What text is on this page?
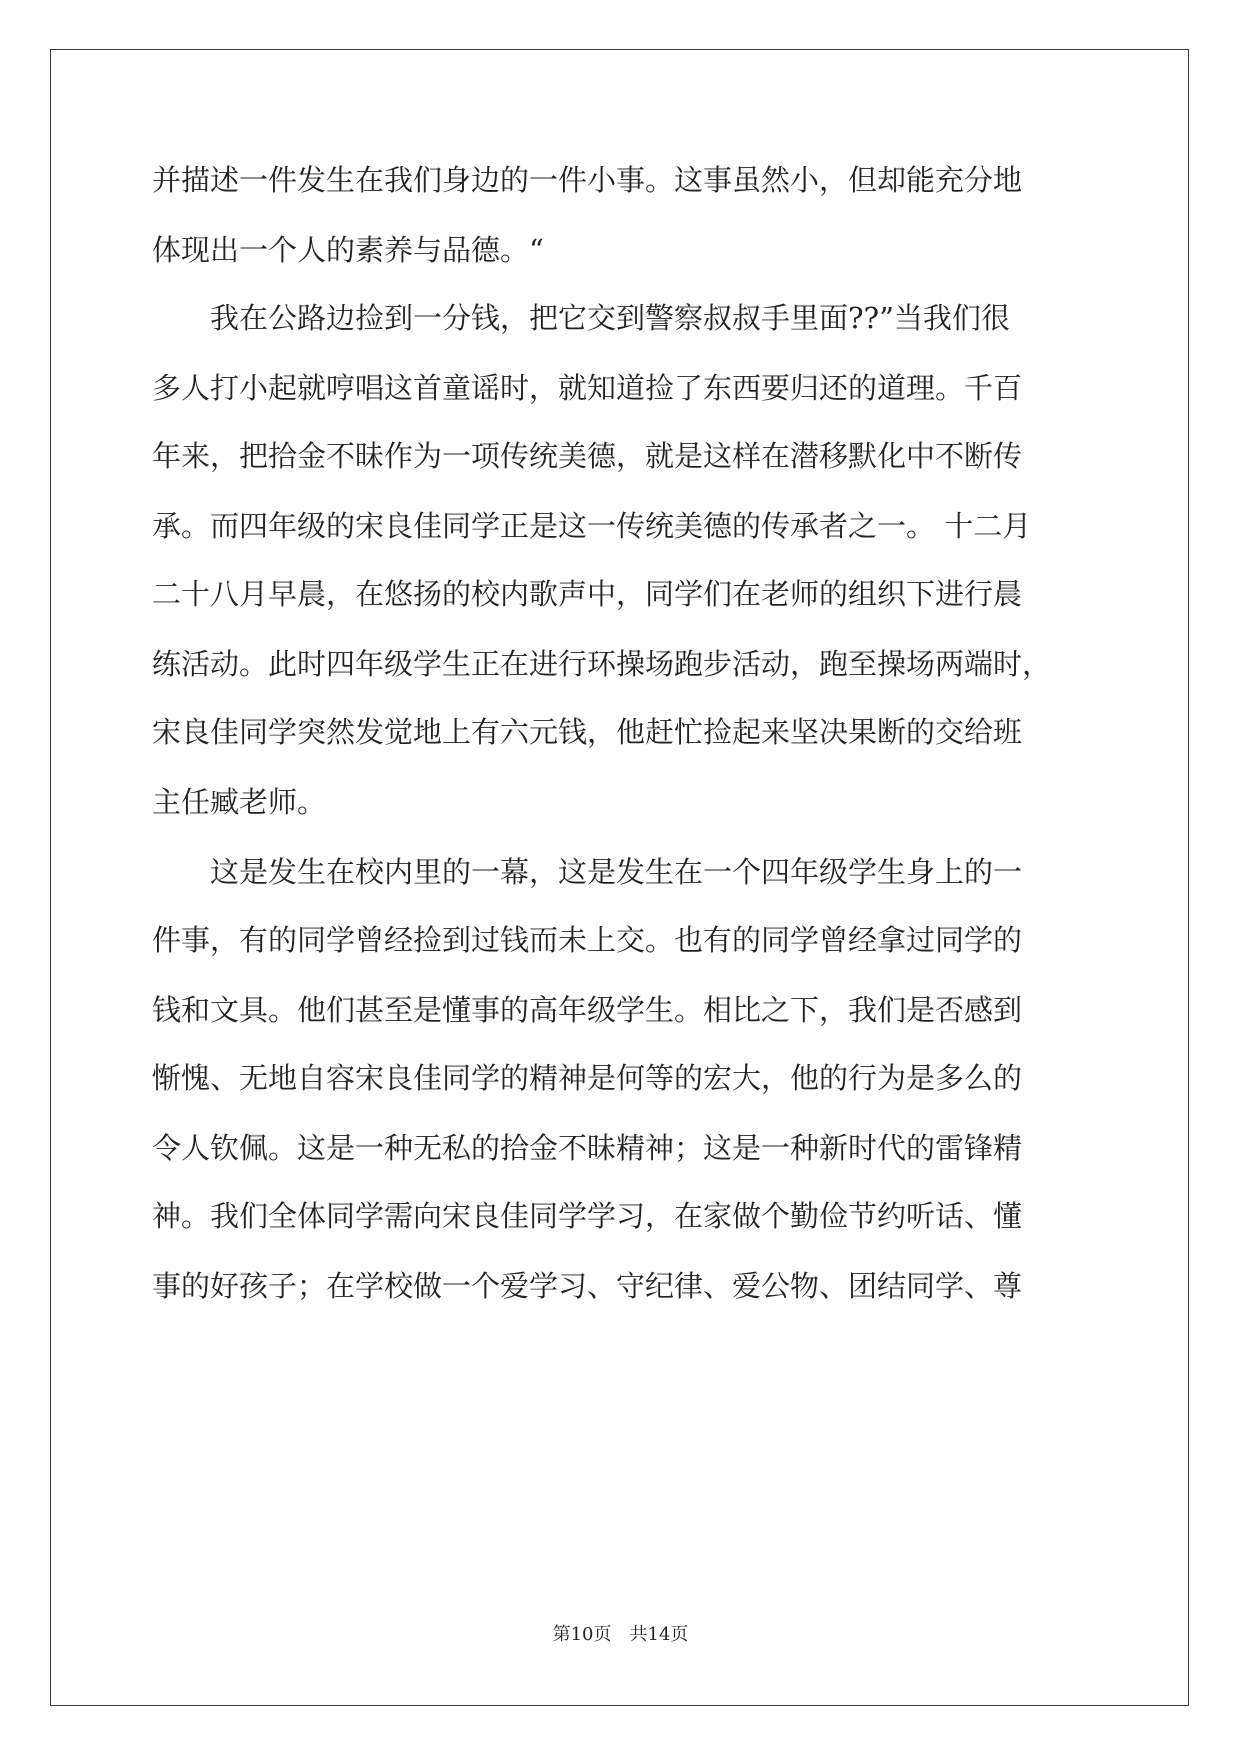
并描述一件发生在我们身边的一件小事。这事虽然小，但却能充分地
体现出一个人的素养与品德。“
我在公路边捡到一分钱，把它交到警察叔叔手里面??”当我们很
多人打小起就哼唱这首童谣时，就知道捡了东西要归还的道理。千百
年来，把拾金不昧作为一项传统美德，就是这样在潜移默化中不断传
承。而四年级的宋良佳同学正是这一传统美德的传承者之一。 十二月
二十八月早晨，在悠扬的校内歌声中，同学们在老师的组织下进行晨
练活动。此时四年级学生正在进行环操场跑步活动，跑至操场两端时，
宋良佳同学突然发觉地上有六元钱，他赶忙捡起来坚决果断的交给班
主任臧老师。
这是发生在校内里的一幕，这是发生在一个四年级学生身上的一
件事，有的同学曾经捡到过钱而未上交。也有的同学曾经拿过同学的
钱和文具。他们甚至是懂事的高年级学生。相比之下，我们是否感到
惭愧、无地自容宋良佳同学的精神是何等的宏大，他的行为是多么的
令人钦佩。这是一种无私的拾金不昧精神；这是一种新时代的雷锋精
神。我们全体同学需向宋良佳同学学习，在家做个勤俭节约听话、懂
事的好孩子；在学校做一个爱学习、守纪律、爱公物、团结同学、尊
第10页 共14页
